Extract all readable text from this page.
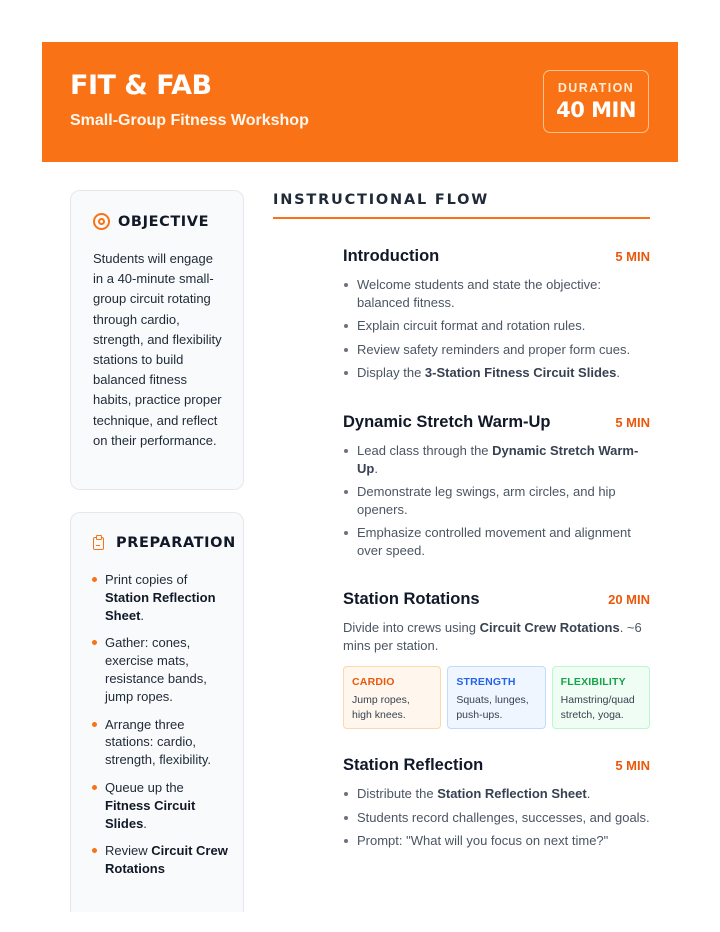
FIT & FAB
Small-Group Fitness Workshop
DURATION
40 MIN
OBJECTIVE
Students will engage in a 40-minute small-group circuit rotating through cardio, strength, and flexibility stations to build balanced fitness habits, practice proper technique, and reflect on their performance.
PREPARATION
Print copies of Station Reflection Sheet.
Gather: cones, exercise mats, resistance bands, jump ropes.
Arrange three stations: cardio, strength, flexibility.
Queue up the Fitness Circuit Slides.
Review Circuit Crew Rotations
INSTRUCTIONAL FLOW
Introduction	5 MIN
Welcome students and state the objective: balanced fitness.
Explain circuit format and rotation rules.
Review safety reminders and proper form cues.
Display the 3-Station Fitness Circuit Slides.
Dynamic Stretch Warm-Up	5 MIN
Lead class through the Dynamic Stretch Warm-Up.
Demonstrate leg swings, arm circles, and hip openers.
Emphasize controlled movement and alignment over speed.
Station Rotations	20 MIN
Divide into crews using Circuit Crew Rotations. ~6 mins per station.
CARDIO
Jump ropes, high knees.
STRENGTH
Squats, lunges, push-ups.
FLEXIBILITY
Hamstring/quad stretch, yoga.
Station Reflection	5 MIN
Distribute the Station Reflection Sheet.
Students record challenges, successes, and goals.
Prompt: "What will you focus on next time?"
